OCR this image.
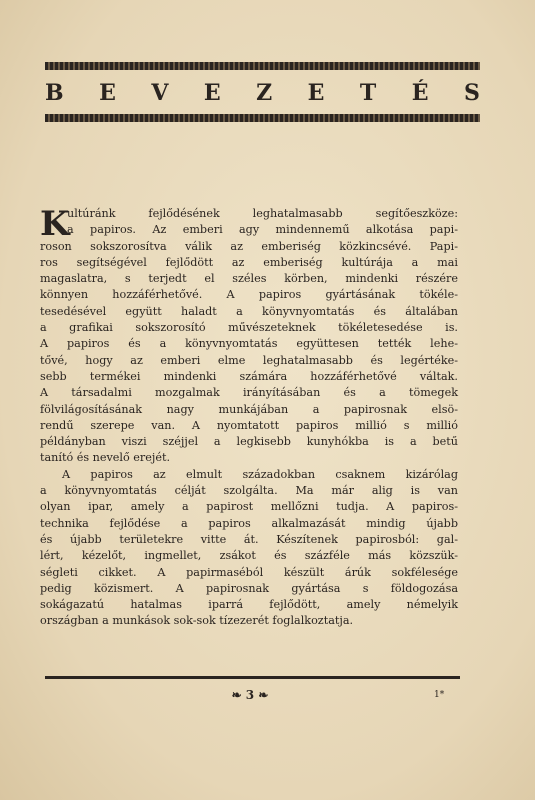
B E V E Z E T É S
K
ultúránk fejlődésének leghatalmasabb segítőeszköze:
a papiros. Az emberi agy mindennemű alkotása papi-
roson sokszorosítva válik az emberiség közkincsévé. Papi-
ros segítségével fejlődött az emberiség kultúrája a mai
magaslatra, s terjedt el széles körben, mindenki részére
könnyen hozzáférhetővé. A papiros gyártásának tökéle-
tesedésével együtt haladt a könyvnyomtatás és általában
a grafikai sokszorosító művészeteknek tökéletesedése is.
A papiros és a könyvnyomtatás együttesen tették lehe-
tővé, hogy az emberi elme leghatalmasabb és legértéke-
sebb termékei mindenki számára hozzáférhetővé váltak.
A társadalmi mozgalmak irányításában és a tömegek
fölvilágosításának nagy munkájában a papirosnak elsö-
rendű szerepe van. A nyomtatott papiros millió s millió
példányban viszi széjjel a legkisebb kunyhókba is a betű
tanító és nevelő erejét.
A papiros az elmult századokban csaknem kizárólag
a könyvnyomtatás célját szolgálta. Ma már alig is van
olyan ipar, amely a papirost mellőzni tudja. A papiros-
technika fejlődése a papiros alkalmazását mindig újabb
és újabb területekre vitte át. Készítenek papirosból: gal-
lért, kézelőt, ingmellet, zsákot és százféle más közszük-
ségleti cikket. A papirmaséból készült árúk sokfélesége
pedig közismert. A papirosnak gyártása s földogozása
sokágazatú hatalmas iparrá fejlődött, amely némelyik
országban a munkások sok-sok tízezerét foglalkoztatja.
❧ 3 ❧	1*
